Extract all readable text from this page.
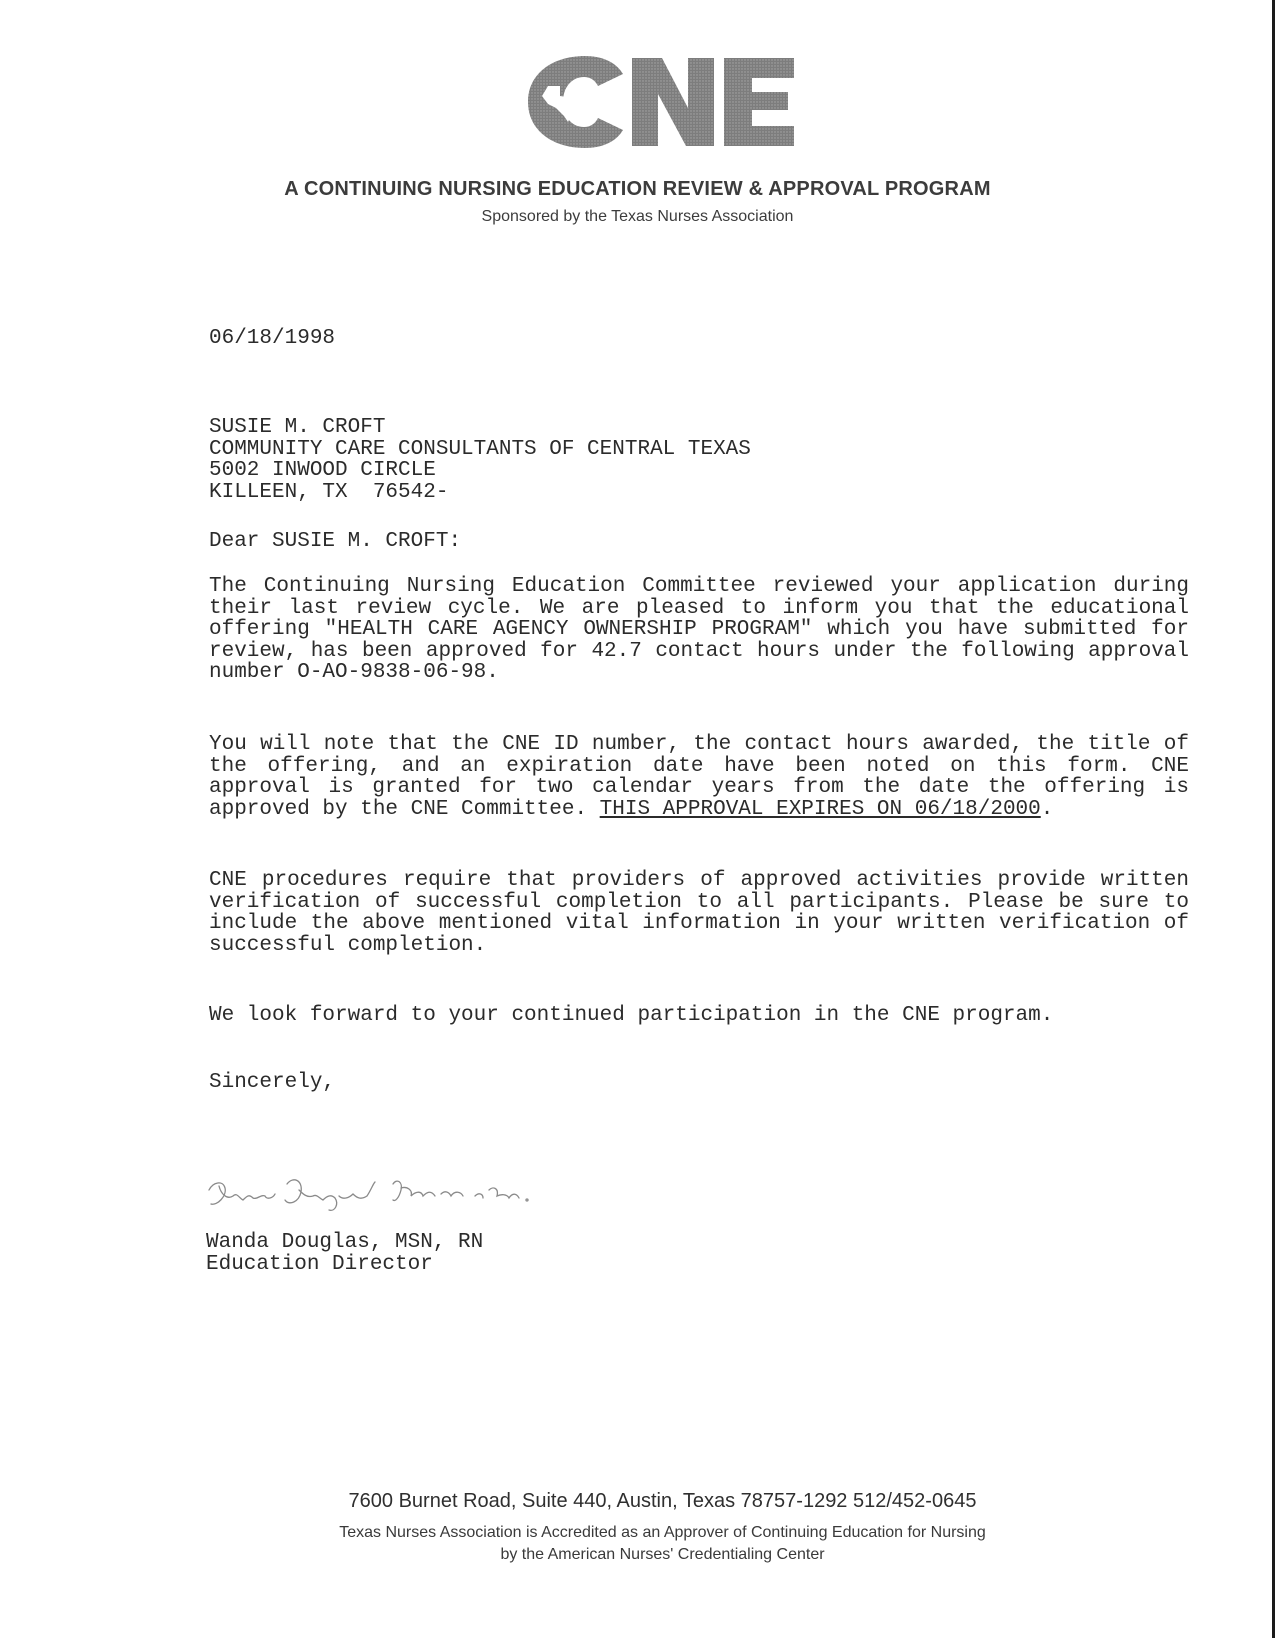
A CONTINUING NURSING EDUCATION REVIEW & APPROVAL PROGRAM
Sponsored by the Texas Nurses Association
06/18/1998
SUSIE M. CROFT
COMMUNITY CARE CONSULTANTS OF CENTRAL TEXAS
5002 INWOOD CIRCLE
KILLEEN, TX  76542-
Dear SUSIE M. CROFT:
The Continuing Nursing Education Committee reviewed your application during their last review cycle. We are pleased to inform you that the educational offering "HEALTH CARE AGENCY OWNERSHIP PROGRAM" which you have submitted for review, has been approved for 42.7 contact hours under the following approval number O-AO-9838-06-98.
You will note that the CNE ID number, the contact hours awarded, the title of the offering, and an expiration date have been noted on this form. CNE approval is granted for two calendar years from the date the offering is approved by the CNE Committee. THIS APPROVAL EXPIRES ON 06/18/2000.
CNE procedures require that providers of approved activities provide written verification of successful completion to all participants. Please be sure to include the above mentioned vital information in your written verification of successful completion.
We look forward to your continued participation in the CNE program.
Sincerely,
Wanda Douglas, MSN, RN
Education Director
7600 Burnet Road, Suite 440, Austin, Texas 78757-1292 512/452-0645
Texas Nurses Association is Accredited as an Approver of Continuing Education for Nursing
by the American Nurses' Credentialing Center
